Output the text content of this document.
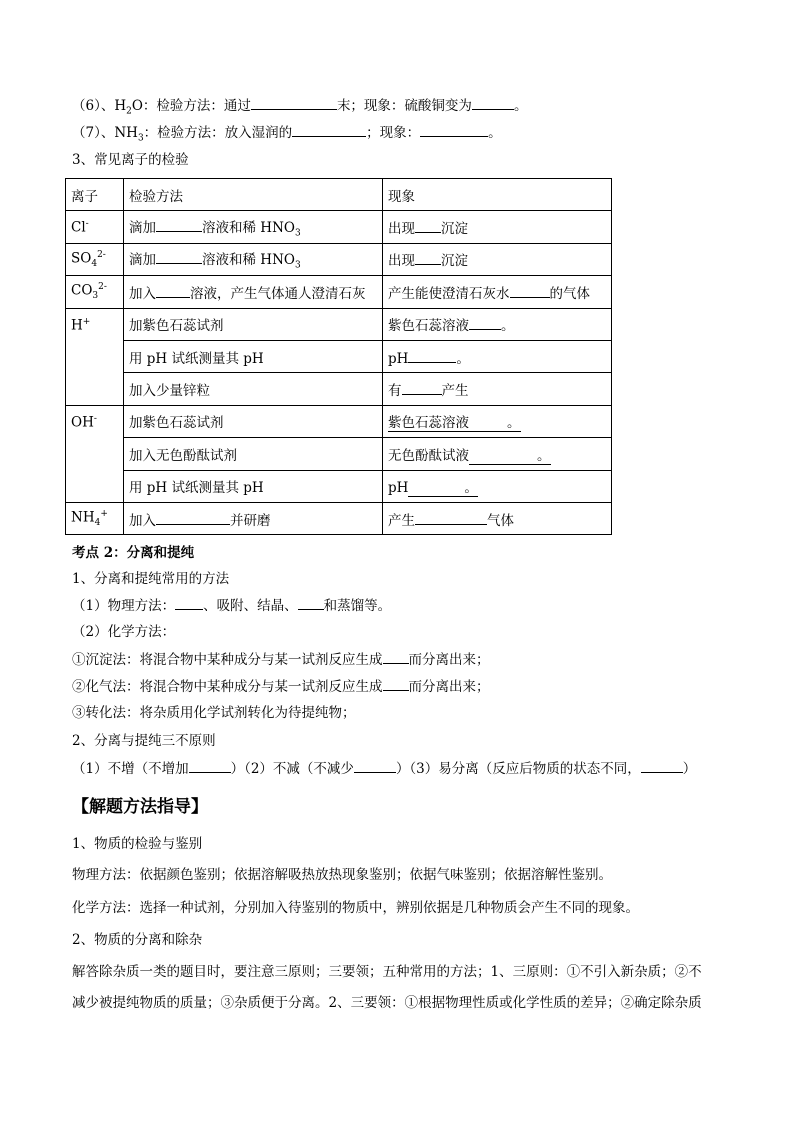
（6）、$H_2O$：检验方法：通过	末；现象：硫酸铜变为	。
（7）、$NH_3$：检验方法：放入湿润的	；现象：	。
3、常见离子的检验
离子	检验方法	现象
Cl-	滴加 溶液和稀 $HNO_3$	出现 沉淀
$SO_4^{2-}$	滴加 溶液和稀 $HNO_3$	出现 沉淀
$CO_3^{2-}$	加入 溶液，产生气体通人澄清石灰	产生能使澄清石灰水 的气体
H+	加紫色石蕊试剂	紫色石蕊溶液 。
	用 pH 试纸测量其 pH	pH 。
	加入少量锌粒	有 产生
OH-	加紫色石蕊试剂	紫色石蕊溶液 。
	加入无色酚酞试剂	无色酚酞试液 。
	用 pH 试纸测量其 pH	pH 。
$NH_4^+$	加入 并研磨	产生 气体
考点 2：分离和提纯
1、分离和提纯常用的方法
（1）物理方法： 、吸附、结晶、 和蒸馏等。
（2）化学方法：
①沉淀法：将混合物中某种成分与某一试剂反应生成 而分离出来；
②化气法：将混合物中某种成分与某一试剂反应生成 而分离出来；
③转化法：将杂质用化学试剂转化为待提纯物；
2、分离与提纯三不原则
（1）不增（不增加	）（2）不减（不减少	）（3）易分离（反应后物质的状态不同，	）
【解题方法指导】
1、物质的检验与鉴别
物理方法：依据颜色鉴别；依据溶解吸热放热现象鉴别；依据气味鉴别；依据溶解性鉴别。
化学方法：选择一种试剂，分别加入待鉴别的物质中，辨别依据是几种物质会产生不同的现象。
2、物质的分离和除杂
解答除杂质一类的题目时，要注意三原则；三要领；五种常用的方法；1、三原则：①不引入新杂质；②不
减少被提纯物质的质量；③杂质便于分离。2、三要领：①根据物理性质或化学性质的差异；②确定除杂质
